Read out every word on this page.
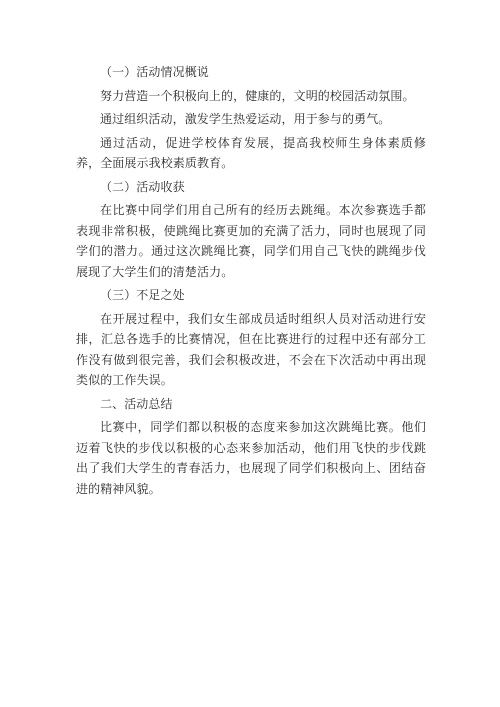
（一）活动情况概说

努力营造一个积极向上的，健康的，文明的校园活动氛围。

通过组织活动，激发学生热爱运动，用于参与的勇气。

通过活动，促进学校体育发展，提高我校师生身体素质修养，全面展示我校素质教育。

（二）活动收获

在比赛中同学们用自己所有的经历去跳绳。本次参赛选手都表现非常积极，使跳绳比赛更加的充满了活力，同时也展现了同学们的潜力。通过这次跳绳比赛，同学们用自己飞快的跳绳步伐展现了大学生们的清楚活力。

（三）不足之处

在开展过程中，我们女生部成员适时组织人员对活动进行安排，汇总各选手的比赛情况，但在比赛进行的过程中还有部分工作没有做到很完善，我们会积极改进，不会在下次活动中再出现类似的工作失误。

二、活动总结

比赛中，同学们都以积极的态度来参加这次跳绳比赛。他们迈着飞快的步伐以积极的心态来参加活动，他们用飞快的步伐跳出了我们大学生的青春活力，也展现了同学们积极向上、团结奋进的精神风貌。
